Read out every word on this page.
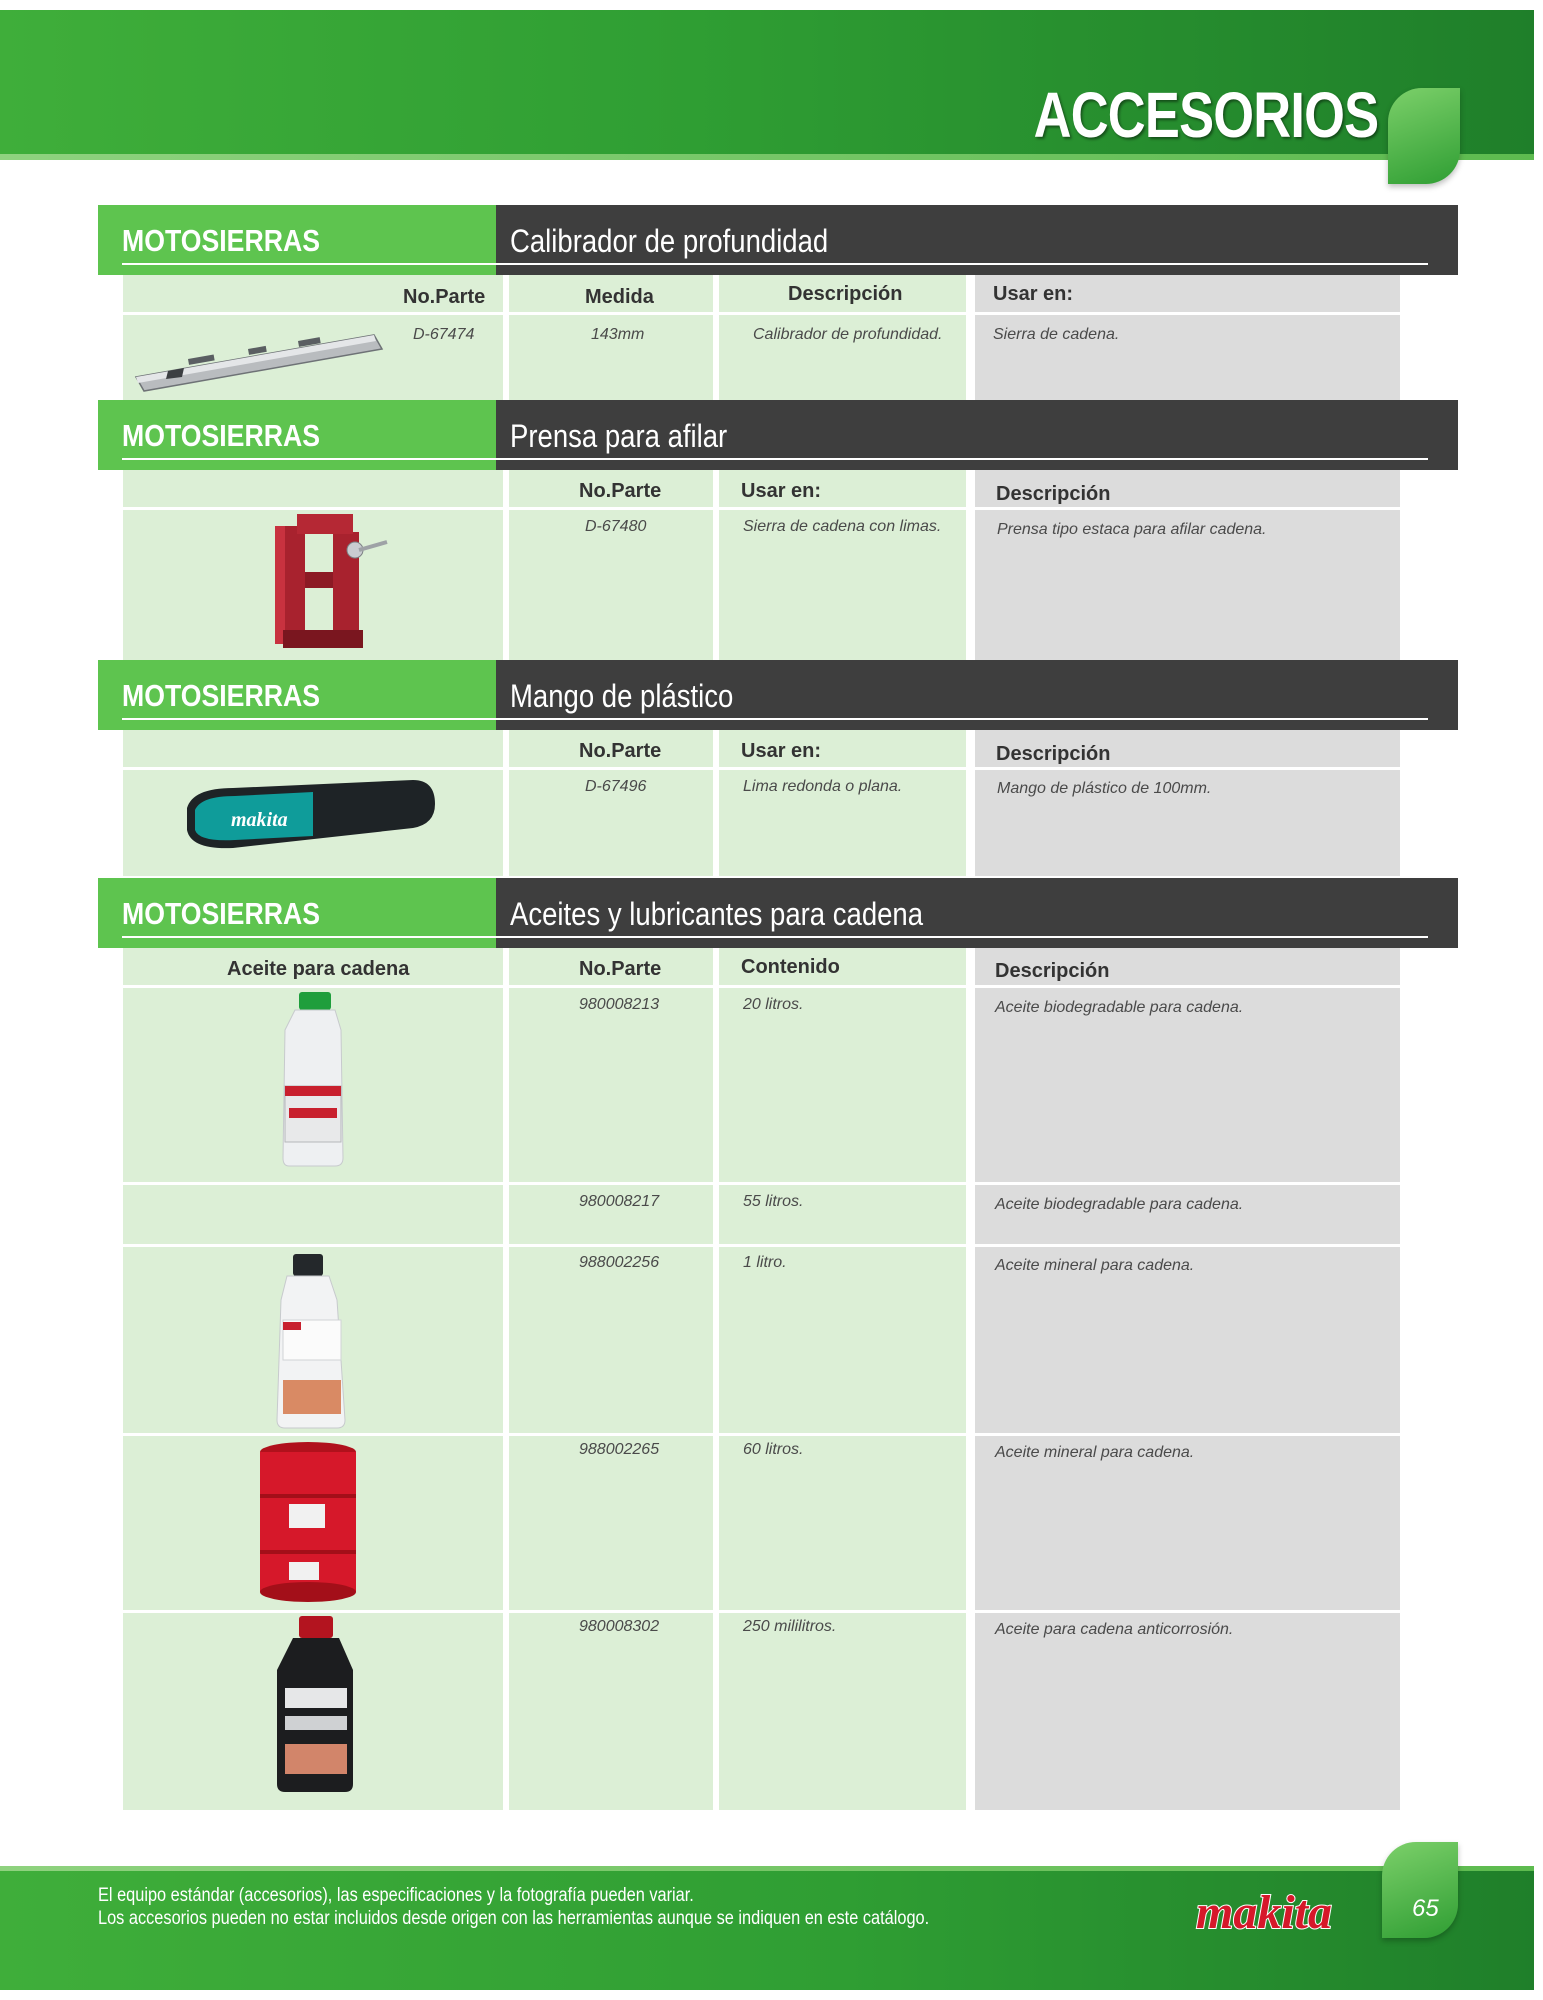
ACCESORIOS
MOTOSIERRAS	Calibrador de profundidad
No.Parte	Medida	Descripción	Usar en:
D-67474	143mm	Calibrador de profundidad.	Sierra de cadena.
MOTOSIERRAS	Prensa para afilar
No.Parte	Usar en:	Descripción
D-67480	Sierra de cadena con limas.	Prensa tipo estaca para afilar cadena.
MOTOSIERRAS	Mango de plástico
No.Parte	Usar en:	Descripción
D-67496	Lima redonda o plana.	Mango de plástico de 100mm.
makita
MOTOSIERRAS	Aceites y lubricantes para cadena
Aceite para cadena	No.Parte	Contenido	Descripción
980008213	20 litros.	Aceite biodegradable para cadena.
980008217	55 litros.	Aceite biodegradable para cadena.
988002256	1 litro.	Aceite mineral para cadena.
988002265	60 litros.	Aceite mineral para cadena.
980008302	250 mililitros.	Aceite para cadena anticorrosión.
El equipo estándar (accesorios), las especificaciones y la fotografía pueden variar.
Los accesorios pueden no estar incluidos desde origen con las herramientas aunque se indiquen en este catálogo.	makita	65
